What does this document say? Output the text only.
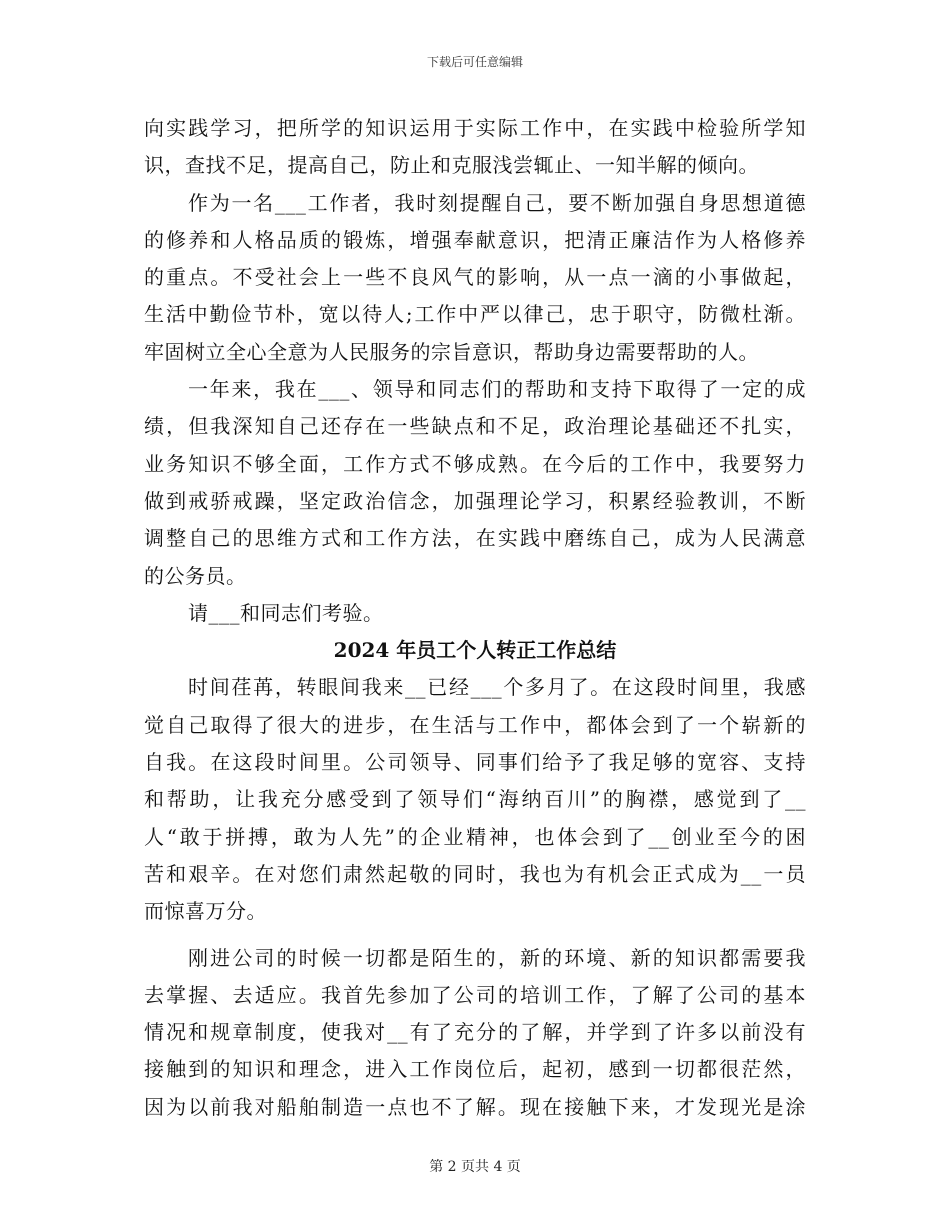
下载后可任意编辑
向实践学习，把所学的知识运用于实际工作中，在实践中检验所学知
识，查找不足，提高自己，防止和克服浅尝辄止、一知半解的倾向。
作为一名___工作者，我时刻提醒自己，要不断加强自身思想道德
的修养和人格品质的锻炼，增强奉献意识，把清正廉洁作为人格修养
的重点。不受社会上一些不良风气的影响，从一点一滴的小事做起，
生活中勤俭节朴，宽以待人;工作中严以律己，忠于职守，防微杜渐。
牢固树立全心全意为人民服务的宗旨意识，帮助身边需要帮助的人。
一年来，我在___、领导和同志们的帮助和支持下取得了一定的成
绩，但我深知自己还存在一些缺点和不足，政治理论基础还不扎实，
业务知识不够全面，工作方式不够成熟。在今后的工作中，我要努力
做到戒骄戒躁，坚定政治信念，加强理论学习，积累经验教训，不断
调整自己的思维方式和工作方法，在实践中磨练自己，成为人民满意
的公务员。
请___和同志们考验。
2024 年员工个人转正工作总结
时间荏苒，转眼间我来__已经___个多月了。在这段时间里，我感
觉自己取得了很大的进步，在生活与工作中，都体会到了一个崭新的
自我。在这段时间里。公司领导、同事们给予了我足够的宽容、支持
和帮助，让我充分感受到了领导们“海纳百川”的胸襟，感觉到了__
人“敢于拼搏，敢为人先”的企业精神，也体会到了__创业至今的困
苦和艰辛。在对您们肃然起敬的同时，我也为有机会正式成为__一员
而惊喜万分。
刚进公司的时候一切都是陌生的，新的环境、新的知识都需要我
去掌握、去适应。我首先参加了公司的培训工作，了解了公司的基本
情况和规章制度，使我对__有了充分的了解，并学到了许多以前没有
接触到的知识和理念，进入工作岗位后，起初，感到一切都很茫然，
因为以前我对船舶制造一点也不了解。现在接触下来，才发现光是涂
第 2 页共 4 页
